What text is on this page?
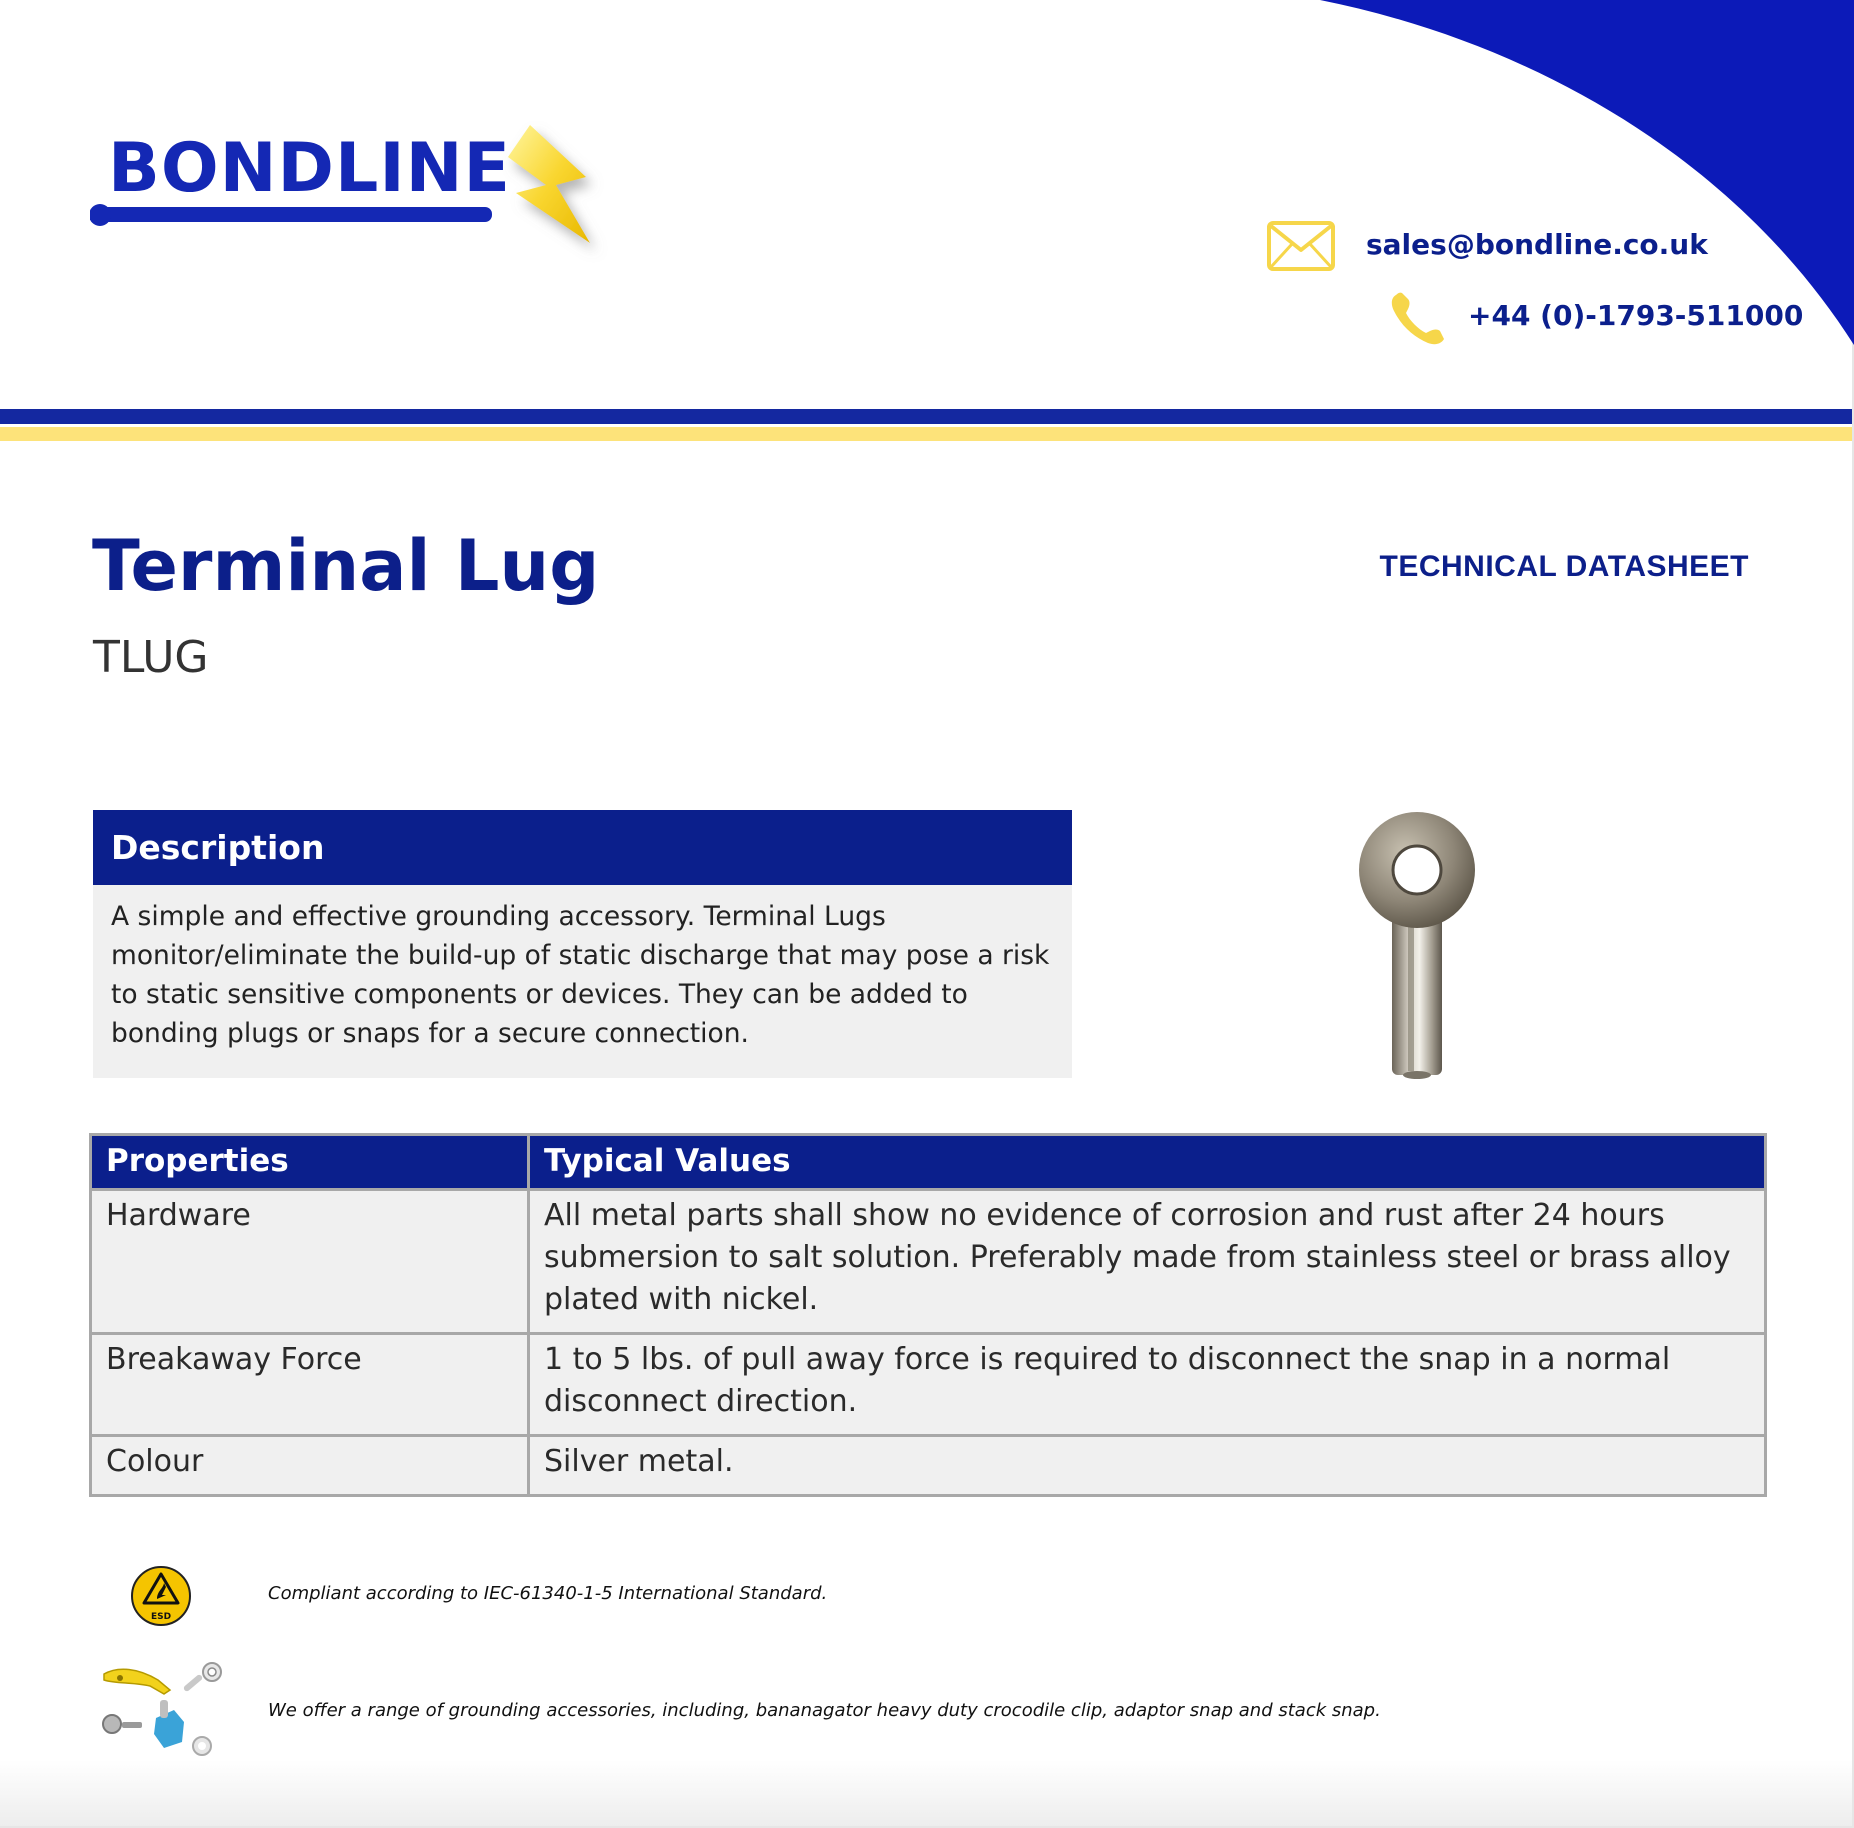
BONDLINE
sales@bondline.co.uk
+44 (0)-1793-511000
Terminal Lug
TLUG
TECHNICAL DATASHEET
Description
A simple and effective grounding accessory. Terminal Lugs monitor/eliminate the build-up of static discharge that may pose a risk to static sensitive components or devices. They can be added to bonding plugs or snaps for a secure connection.
Properties	Typical Values
Hardware	All metal parts shall show no evidence of corrosion and rust after 24 hours submersion to salt solution. Preferably made from stainless steel or brass alloy plated with nickel.
Breakaway Force	1 to 5 lbs. of pull away force is required to disconnect the snap in a normal disconnect direction.
Colour	Silver metal.
ESD
Compliant according to IEC-61340-1-5 International Standard.
We offer a range of grounding accessories, including, bananagator heavy duty crocodile clip, adaptor snap and stack snap.
